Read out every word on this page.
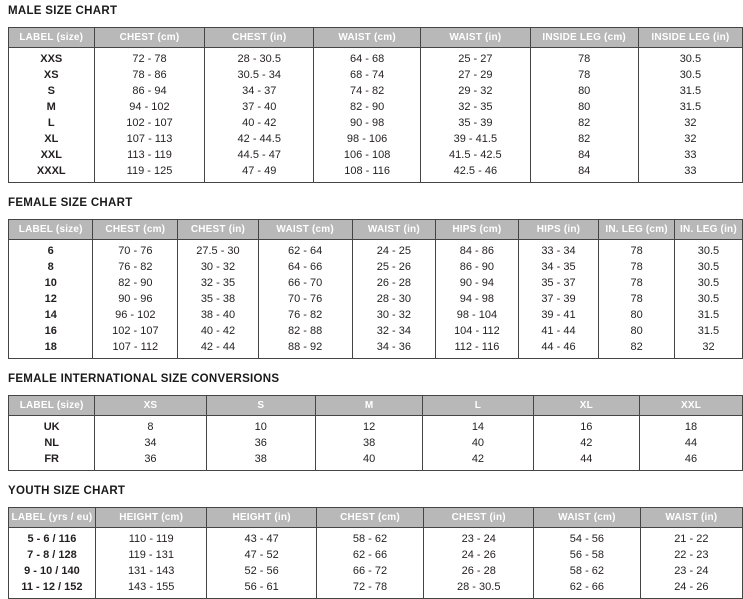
MALE SIZE CHART
LABEL (size)	CHEST (cm)	CHEST (in)	WAIST (cm)	WAIST (in)	INSIDE LEG (cm)	INSIDE LEG (in)
XXS	72 - 78	28 - 30.5	64 - 68	25 - 27	78	30.5
XS	78 - 86	30.5 - 34	68 - 74	27 - 29	78	30.5
S	86 - 94	34 - 37	74 - 82	29 - 32	80	31.5
M	94 - 102	37 - 40	82 - 90	32 - 35	80	31.5
L	102 - 107	40 - 42	90 - 98	35 - 39	82	32
XL	107 - 113	42 - 44.5	98 - 106	39 - 41.5	82	32
XXL	113 - 119	44.5 - 47	106 - 108	41.5 - 42.5	84	33
XXXL	119 - 125	47 - 49	108 - 116	42.5 - 46	84	33
FEMALE SIZE CHART
LABEL (size)	CHEST (cm)	CHEST (in)	WAIST (cm)	WAIST (in)	HIPS (cm)	HIPS (in)	IN. LEG (cm)	IN. LEG (in)
6	70 - 76	27.5 - 30	62 - 64	24 - 25	84 - 86	33 - 34	78	30.5
8	76 - 82	30 - 32	64 - 66	25 - 26	86 - 90	34 - 35	78	30.5
10	82 - 90	32 - 35	66 - 70	26 - 28	90 - 94	35 - 37	78	30.5
12	90 - 96	35 - 38	70 - 76	28 - 30	94 - 98	37 - 39	78	30.5
14	96 - 102	38 - 40	76 - 82	30 - 32	98 - 104	39 - 41	80	31.5
16	102 - 107	40 - 42	82 - 88	32 - 34	104 - 112	41 - 44	80	31.5
18	107 - 112	42 - 44	88 - 92	34 - 36	112 - 116	44 - 46	82	32
FEMALE INTERNATIONAL SIZE CONVERSIONS
LABEL (size)	XS	S	M	L	XL	XXL
UK	8	10	12	14	16	18
NL	34	36	38	40	42	44
FR	36	38	40	42	44	46
YOUTH SIZE CHART
LABEL (yrs / eu)	HEIGHT (cm)	HEIGHT (in)	CHEST (cm)	CHEST (in)	WAIST (cm)	WAIST (in)
5 - 6 / 116	110 - 119	43 - 47	58 - 62	23 - 24	54 - 56	21 - 22
7 - 8 / 128	119 - 131	47 - 52	62 - 66	24 - 26	56 - 58	22 - 23
9 - 10 / 140	131 - 143	52 - 56	66 - 72	26 - 28	58 - 62	23 - 24
11 - 12 / 152	143 - 155	56 - 61	72 - 78	28 - 30.5	62 - 66	24 - 26
